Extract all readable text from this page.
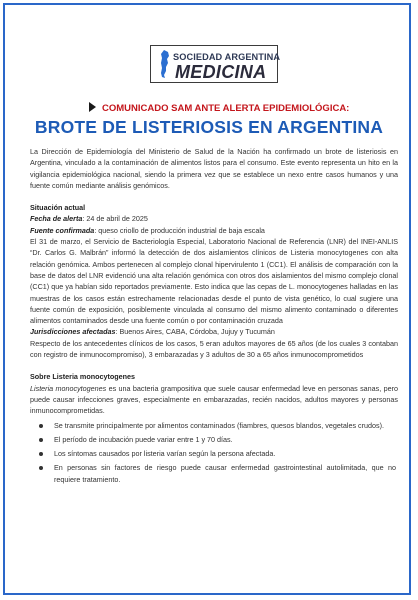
SOCIEDAD ARGENTINA
MEDICINA
COMUNICADO SAM ANTE ALERTA EPIDEMIOLÓGICA:
BROTE DE LISTERIOSIS EN ARGENTINA

La Dirección de Epidemiología del Ministerio de Salud de la Nación ha confirmado un brote de listeriosis en Argentina, vinculado a la contaminación de alimentos listos para el consumo. Este evento representa un hito en la vigilancia epidemiológica nacional, siendo la primera vez que se establece un nexo entre casos humanos y una fuente común mediante análisis genómicos.

Situación actual

Fecha de alerta: 24 de abril de 2025

Fuente confirmada: queso criollo de producción industrial de baja escala

El 31 de marzo, el Servicio de Bacteriología Especial, Laboratorio Nacional de Referencia (LNR) del INEI-ANLIS “Dr. Carlos G. Malbrán” informó la detección de dos aislamientos clínicos de Listeria monocytogenes con alta relación genómica. Ambos pertenecen al complejo clonal hipervirulento 1 (CC1). El análisis de comparación con la base de datos del LNR evidenció una alta relación genómica con otros dos aislamientos del mismo complejo clonal (CC1) que ya habían sido reportados previamente. Esto indica que las cepas de L. monocytogenes halladas en las muestras de los casos están estrechamente relacionadas desde el punto de vista genético, lo cual sugiere una fuente común de exposición, posiblemente vinculada al consumo del mismo alimento contaminado o diferentes alimentos contaminados desde una fuente común o por contaminación cruzada

Jurisdicciones afectadas: Buenos Aires, CABA, Córdoba, Jujuy y Tucumán

Respecto de los antecedentes clínicos de los casos, 5 eran adultos mayores de 65 años (de los cuales 3 contaban con registro de inmunocompromiso), 3 embarazadas y 3 adultos de 30 a 65 años inmunocomprometidos

Sobre Listeria monocytogenes

Listeria monocytogenes es una bacteria grampositiva que suele causar enfermedad leve en personas sanas, pero puede causar infecciones graves, especialmente en embarazadas, recién nacidos, adultos mayores y personas inmunocomprometidas.

Se transmite principalmente por alimentos contaminados (fiambres, quesos blandos, vegetales crudos).
El período de incubación puede variar entre 1 y 70 días.
Los síntomas causados por listeria varían según la persona afectada.
En personas sin factores de riesgo puede causar enfermedad gastrointestinal autolimitada, que no requiere tratamiento.
